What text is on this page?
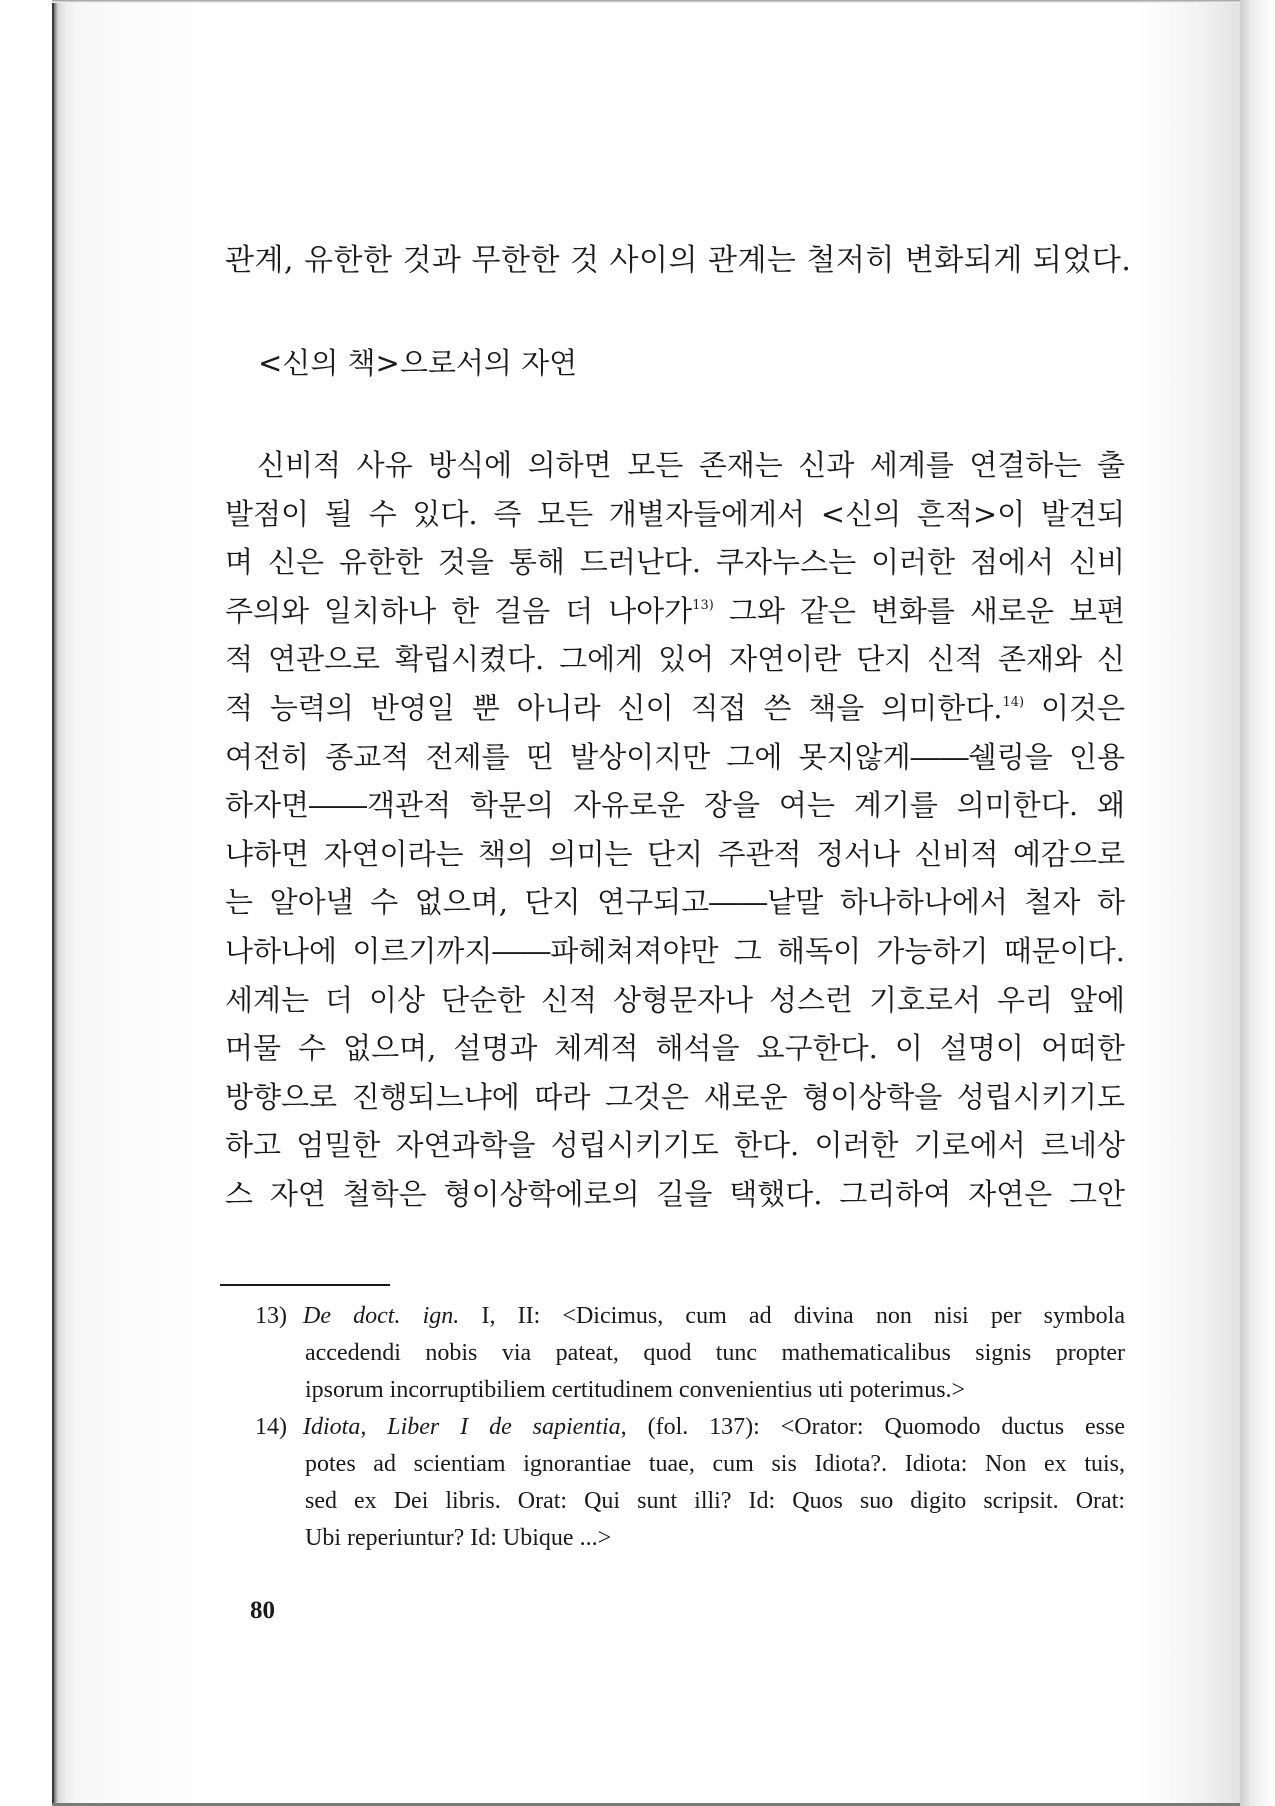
관계, 유한한 것과 무한한 것 사이의 관계는 철저히 변화되게 되었다.
<신의 책>으로서의 자연
신비적 사유 방식에 의하면 모든 존재는 신과 세계를 연결하는 출
발점이 될 수 있다. 즉 모든 개별자들에게서 <신의 흔적>이 발견되
며 신은 유한한 것을 통해 드러난다. 쿠자누스는 이러한 점에서 신비
주의와 일치하나 한 걸음 더 나아가$^{13)}$ 그와 같은 변화를 새로운 보편
적 연관으로 확립시켰다. 그에게 있어 자연이란 단지 신적 존재와 신
적 능력의 반영일 뿐 아니라 신이 직접 쓴 책을 의미한다.$^{14)}$ 이것은
여전히 종교적 전제를 띤 발상이지만 그에 못지않게――쉘링을 인용
하자면――객관적 학문의 자유로운 장을 여는 계기를 의미한다. 왜
냐하면 자연이라는 책의 의미는 단지 주관적 정서나 신비적 예감으로
는 알아낼 수 없으며, 단지 연구되고――낱말 하나하나에서 철자 하
나하나에 이르기까지――파헤쳐져야만 그 해독이 가능하기 때문이다.
세계는 더 이상 단순한 신적 상형문자나 성스런 기호로서 우리 앞에
머물 수 없으며, 설명과 체계적 해석을 요구한다. 이 설명이 어떠한
방향으로 진행되느냐에 따라 그것은 새로운 형이상학을 성립시키기도
하고 엄밀한 자연과학을 성립시키기도 한다. 이러한 기로에서 르네상
스 자연 철학은 형이상학에로의 길을 택했다. 그리하여 자연은 그안
13) De doct. ign. I, II: <Dicimus, cum ad divina non nisi per symbola
accedendi nobis via pateat, quod tunc mathematicalibus signis propter
ipsorum incorruptibiliem certitudinem convenientius uti poterimus.>
14) Idiota, Liber I de sapientia, (fol. 137): <Orator: Quomodo ductus esse
potes ad scientiam ignorantiae tuae, cum sis Idiota?. Idiota: Non ex tuis,
sed ex Dei libris. Orat: Qui sunt illi? Id: Quos suo digito scripsit. Orat:
Ubi reperiuntur? Id: Ubique ...>
80
